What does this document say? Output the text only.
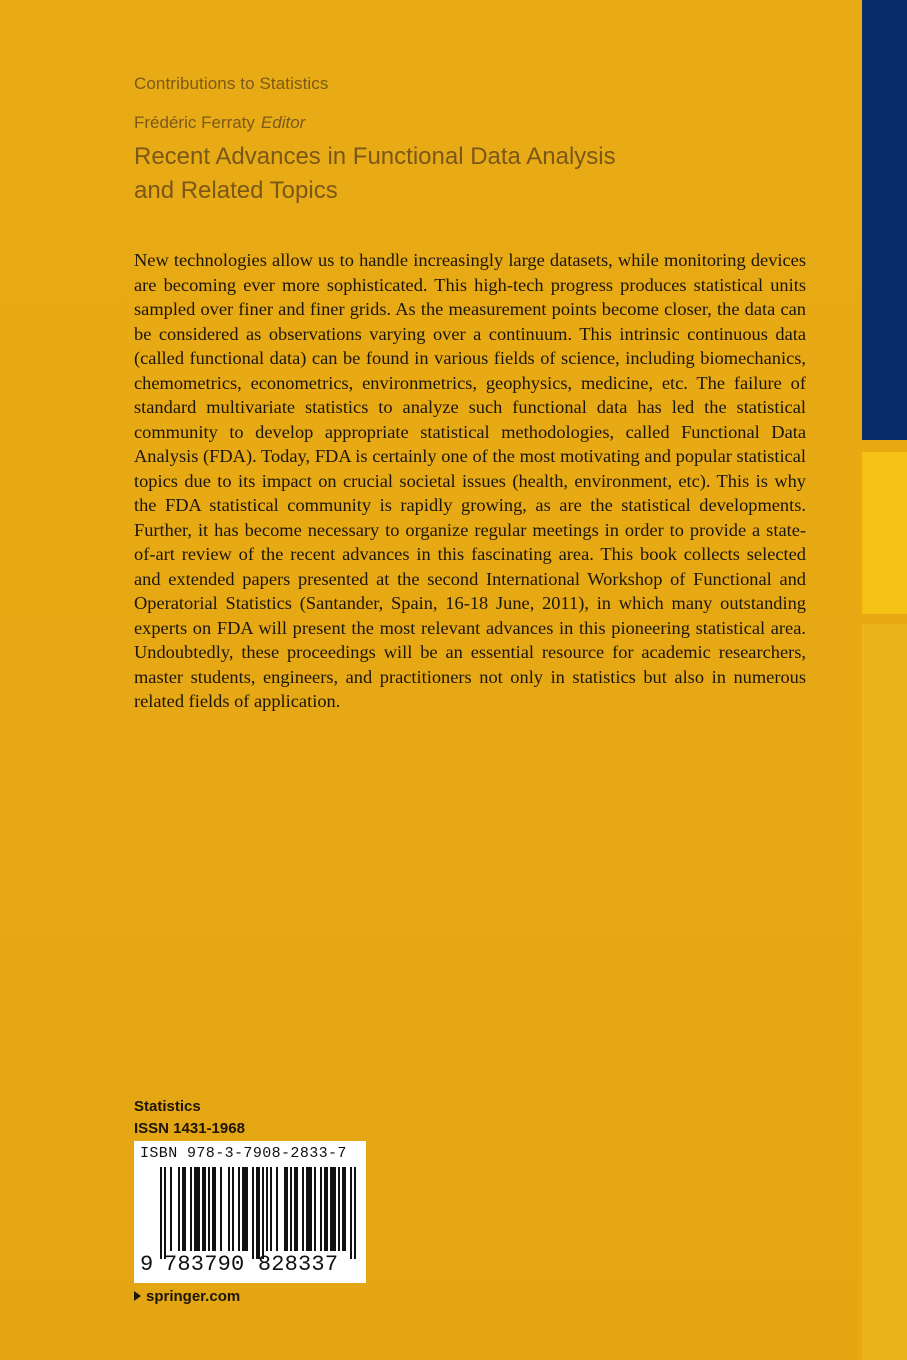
Contributions to Statistics
Frédéric Ferraty Editor
Recent Advances in Functional Data Analysis
and Related Topics
New technologies allow us to handle increasingly large datasets, while monitoring devices are becoming ever more sophisticated. This high-tech progress produces statistical units sampled over finer and finer grids. As the measurement points become closer, the data can be considered as observations varying over a continuum. This intrinsic continuous data (called functional data) can be found in various fields of science, including biomechanics, chemometrics, econometrics, environmetrics, geophysics, medicine, etc. The failure of standard multivariate statistics to analyze such functional data has led the statistical community to develop appropriate statistical methodologies, called Functional Data Analysis (FDA). Today, FDA is certainly one of the most motivating and popular statistical topics due to its impact on crucial societal issues (health, environment, etc). This is why the FDA statistical community is rapidly growing, as are the statistical developments. Further, it has become necessary to organize regular meetings in order to provide a state-of-art review of the recent advances in this fascinating area. This book collects selected and extended papers presented at the second International Workshop of Functional and Operatorial Statistics (Santander, Spain, 16-18 June, 2011), in which many outstanding experts on FDA will present the most relevant advances in this pioneering statistical area. Undoubtedly, these proceedings will be an essential resource for academic researchers, master students, engineers, and practitioners not only in statistics but also in numerous related fields of application.
Statistics
ISSN 1431-1968
ISBN 978-3-7908-2833-7
9 783790 828337
springer.com
